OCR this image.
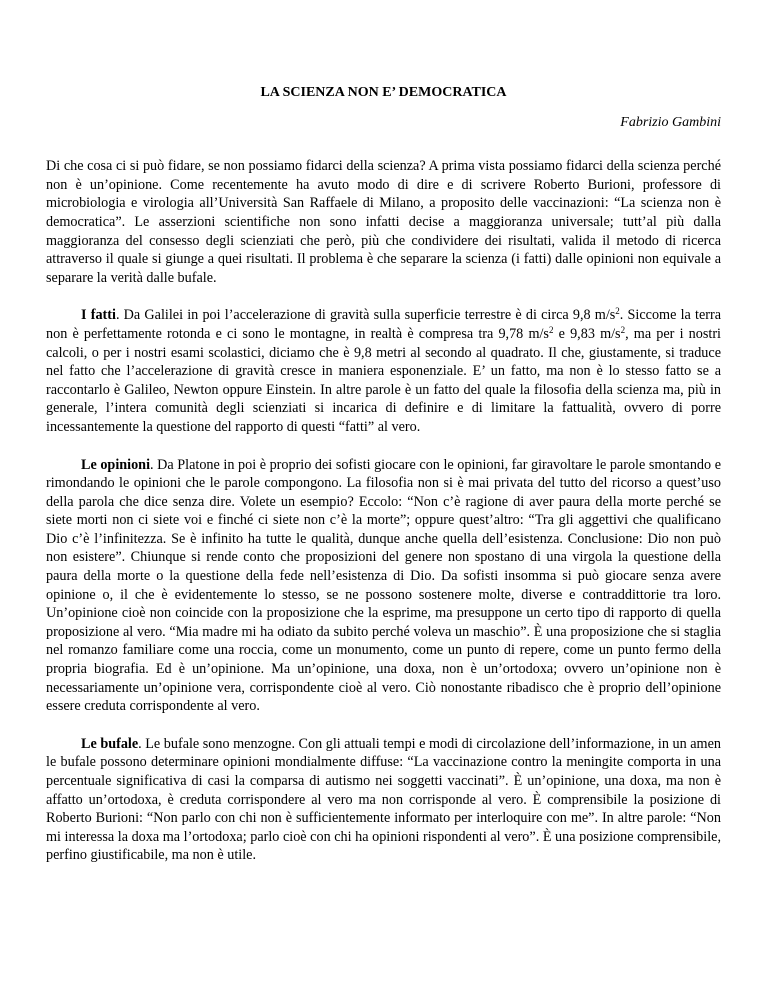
LA SCIENZA NON E’ DEMOCRATICA

Fabrizio Gambini

Di che cosa ci si può fidare, se non possiamo fidarci della scienza? A prima vista possiamo fidarci della scienza perché non è un’opinione. Come recentemente ha avuto modo di dire e di scrivere Roberto Burioni, professore di microbiologia e virologia all’Università San Raffaele di Milano, a proposito delle vaccinazioni: “La scienza non è democratica”. Le asserzioni scientifiche non sono infatti decise a maggioranza universale; tutt’al più dalla maggioranza del consesso degli scienziati che però, più che condividere dei risultati, valida il metodo di ricerca attraverso il quale si giunge a quei risultati. Il problema è che separare la scienza (i fatti) dalle opinioni non equivale a separare la verità dalle bufale.

I fatti. Da Galilei in poi l’accelerazione di gravità sulla superficie terrestre è di circa 9,8 $m/s^2$. Siccome la terra non è perfettamente rotonda e ci sono le montagne, in realtà è compresa tra 9,78 $m/s^2$ e 9,83 $m/s^2$, ma per i nostri calcoli, o per i nostri esami scolastici, diciamo che è 9,8 metri al secondo al quadrato. Il che, giustamente, si traduce nel fatto che l’accelerazione di gravità cresce in maniera esponenziale. E’ un fatto, ma non è lo stesso fatto se a raccontarlo è Galileo, Newton oppure Einstein. In altre parole è un fatto del quale la filosofia della scienza ma, più in generale, l’intera comunità degli scienziati si incarica di definire e di limitare la fattualità, ovvero di porre incessantemente la questione del rapporto di questi “fatti” al vero.

Le opinioni. Da Platone in poi è proprio dei sofisti giocare con le opinioni, far giravoltare le parole smontando e rimondando le opinioni che le parole compongono. La filosofia non si è mai privata del tutto del ricorso a quest’uso della parola che dice senza dire. Volete un esempio? Eccolo: “Non c’è ragione di aver paura della morte perché se siete morti non ci siete voi e finché ci siete non c’è la morte”; oppure quest’altro: “Tra gli aggettivi che qualificano Dio c’è l’infinitezza. Se è infinito ha tutte le qualità, dunque anche quella dell’esistenza. Conclusione: Dio non può non esistere”. Chiunque si rende conto che proposizioni del genere non spostano di una virgola la questione della paura della morte o la questione della fede nell’esistenza di Dio. Da sofisti insomma si può giocare senza avere opinione o, il che è evidentemente lo stesso, se ne possono sostenere molte, diverse e contraddittorie tra loro. Un’opinione cioè non coincide con la proposizione che la esprime, ma presuppone un certo tipo di rapporto di quella proposizione al vero. “Mia madre mi ha odiato da subito perché voleva un maschio”. È una proposizione che si staglia nel romanzo familiare come una roccia, come un monumento, come un punto di repere, come un punto fermo della propria biografia. Ed è un’opinione. Ma un’opinione, una doxa, non è un’ortodoxa; ovvero un’opinione non è necessariamente un’opinione vera, corrispondente cioè al vero. Ciò nonostante ribadisco che è proprio dell’opinione essere creduta corrispondente al vero.

Le bufale. Le bufale sono menzogne. Con gli attuali tempi e modi di circolazione dell’informazione, in un amen le bufale possono determinare opinioni mondialmente diffuse: “La vaccinazione contro la meningite comporta in una percentuale significativa di casi la comparsa di autismo nei soggetti vaccinati”. È un’opinione, una doxa, ma non è affatto un’ortodoxa, è creduta corrispondere al vero ma non corrisponde al vero. È comprensibile la posizione di Roberto Burioni: “Non parlo con chi non è sufficientemente informato per interloquire con me”. In altre parole: “Non mi interessa la doxa ma l’ortodoxa; parlo cioè con chi ha opinioni rispondenti al vero”. È una posizione comprensibile, perfino giustificabile, ma non è utile.
